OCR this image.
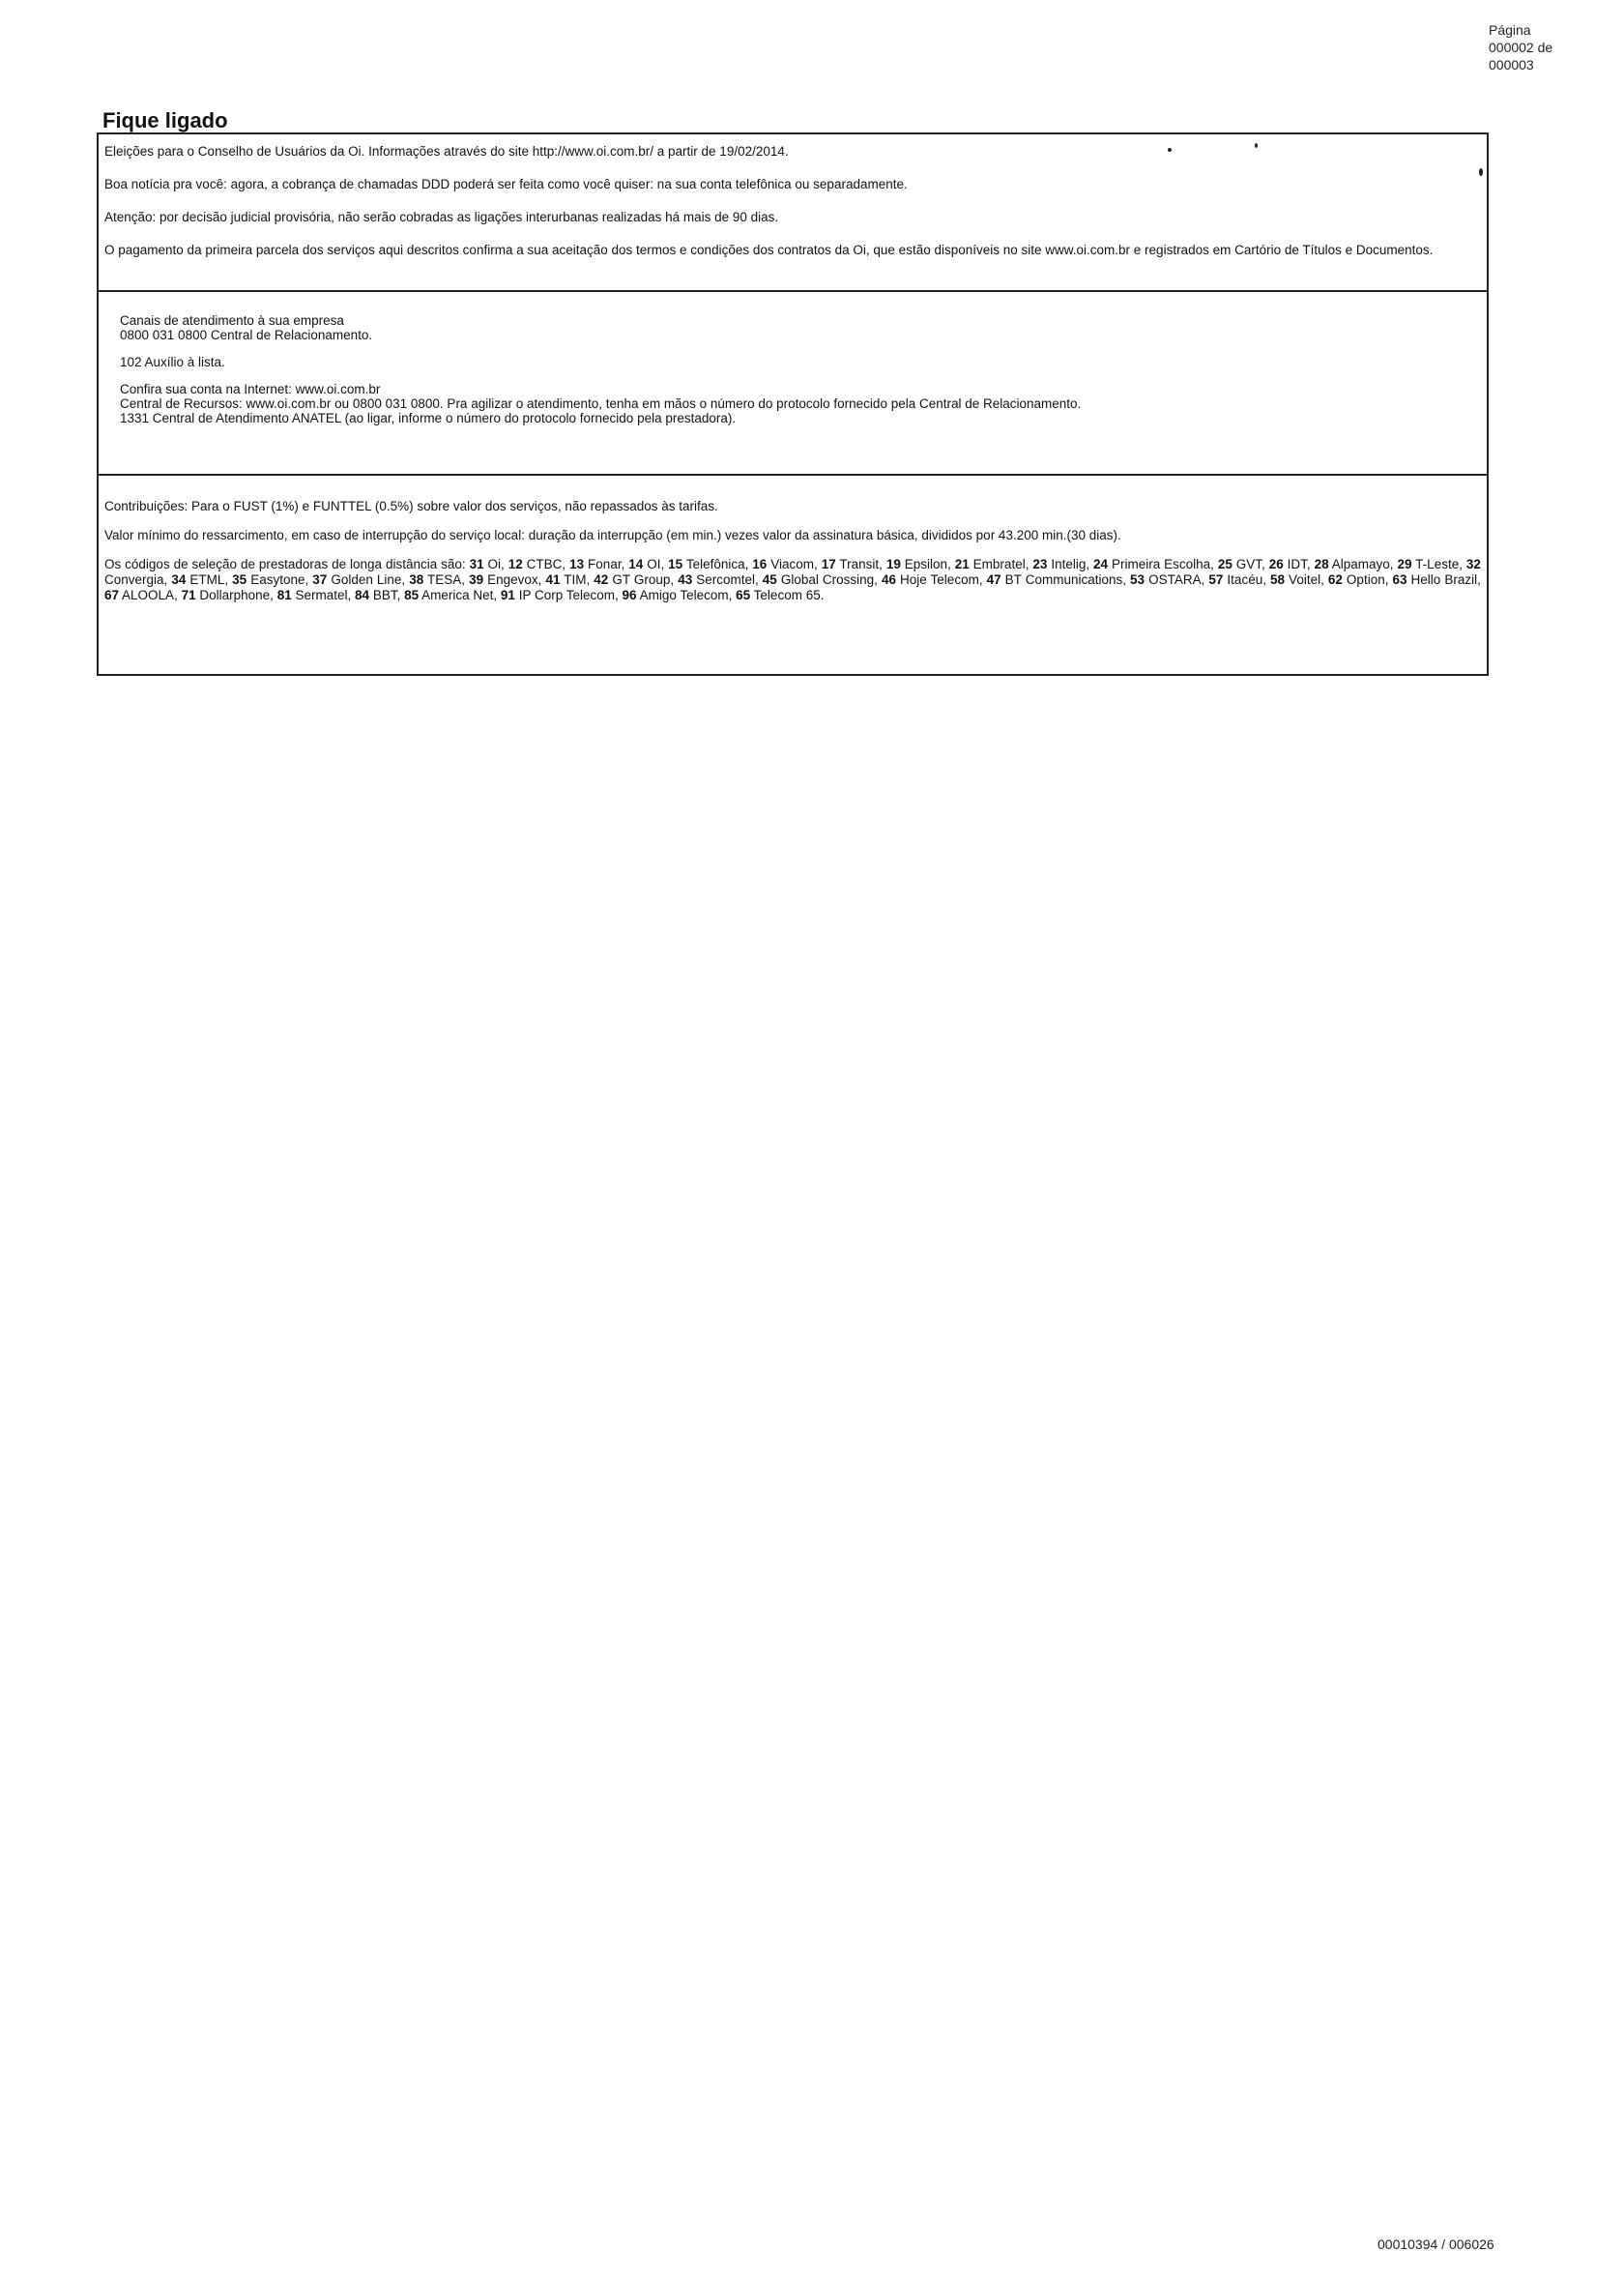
Página
000002 de
000003
Fique ligado

Eleições para o Conselho de Usuários da Oi. Informações através do site http://www.oi.com.br/ a partir de 19/02/2014.

Boa notícia pra você: agora, a cobrança de chamadas DDD poderá ser feita como você quiser: na sua conta telefônica ou separadamente.

Atenção: por decisão judicial provisória, não serão cobradas as ligações interurbanas realizadas há mais de 90 dias.

O pagamento da primeira parcela dos serviços aqui descritos confirma a sua aceitação dos termos e condições dos contratos da Oi, que estão disponíveis no site www.oi.com.br e registrados em Cartório de Títulos e Documentos.

Canais de atendimento à sua empresa
0800 031 0800 Central de Relacionamento.
102 Auxílio à lista.
Confira sua conta na Internet: www.oi.com.br
Central de Recursos: www.oi.com.br ou 0800 031 0800. Pra agilizar o atendimento, tenha em mãos o número do protocolo fornecido pela Central de Relacionamento.
1331 Central de Atendimento ANATEL (ao ligar, informe o número do protocolo fornecido pela prestadora).

Contribuições: Para o FUST (1%) e FUNTTEL (0.5%) sobre valor dos serviços, não repassados às tarifas.

Valor mínimo do ressarcimento, em caso de interrupção do serviço local: duração da interrupção (em min.) vezes valor da assinatura básica, divididos por 43.200 min.(30 dias).

Os códigos de seleção de prestadoras de longa distância são: 31 Oi, 12 CTBC, 13 Fonar, 14 OI, 15 Telefônica, 16 Viacom, 17 Transit, 19 Epsilon, 21 Embratel, 23 Intelig, 24 Primeira Escolha, 25 GVT, 26 IDT, 28 Alpamayo, 29 T-Leste, 32 Convergia, 34 ETML, 35 Easytone, 37 Golden Line, 38 TESA, 39 Engevox, 41 TIM, 42 GT Group, 43 Sercomtel, 45 Global Crossing, 46 Hoje Telecom, 47 BT Communications, 53 OSTARA, 57 Itacéu, 58 Voitel, 62 Option, 63 Hello Brazil, 67 ALOOLA, 71 Dollarphone, 81 Sermatel, 84 BBT, 85 America Net, 91 IP Corp Telecom, 96 Amigo Telecom, 65 Telecom 65.

00010394 / 006026
